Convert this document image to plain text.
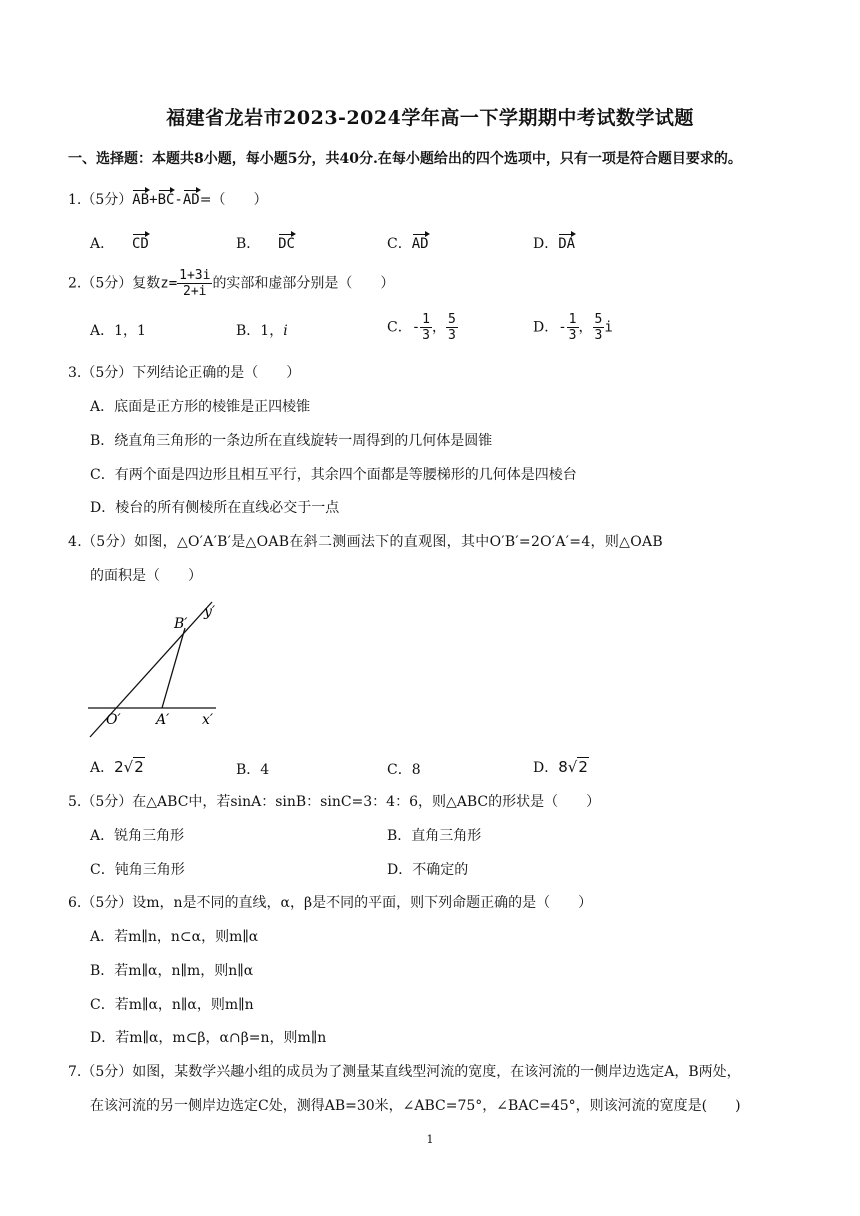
福建省龙岩市2023-2024学年高一下学期期中考试数学试题
一、选择题：本题共8小题，每小题5分，共40分.在每小题给出的四个选项中，只有一项是符合题目要求的。
1.（5分）AB+BC-AD=（　　）
A． CD	B． DC	C．AD	D．DA
2.（5分）复数$z= \frac{1+3i}{2+i}$ 的实部和虚部分别是（　　）
A．1，1	B．1，i	C．- $\frac{1}{3}$ ， $\frac{5}{3}$	D．- $\frac{1}{3}$ ， $\frac{5}{3}$ i
3.（5分）下列结论正确的是（　　）
A．底面是正方形的棱锥是正四棱锥
B．绕直角三角形的一条边所在直线旋转一周得到的几何体是圆锥
C．有两个面是四边形且相互平行，其余四个面都是等腰梯形的几何体是四棱台
D．棱台的所有侧棱所在直线必交于一点
4.（5分）如图，△O′A′B′是△OAB在斜二测画法下的直观图，其中O′B′=2O′A′=4，则△OAB
的面积是（　　）
B′
y′
O′	A′ x′
A．2√2	B．4	C．8	D．8√2
5.（5分）在△ABC中，若sinA：sinB：sinC=3：4：6，则△ABC的形状是（　　）
A．锐角三角形	B．直角三角形
C．钝角三角形	D．不确定的
6.（5分）设m，n是不同的直线，α，β是不同的平面，则下列命题正确的是（　　）
A．若m∥n，n⊂α，则m∥α
B．若m∥α，n∥m，则n∥α
C．若m∥α，n∥α，则m∥n
D．若m∥α，m⊂β，α∩β=n，则m∥n
7.（5分）如图，某数学兴趣小组的成员为了测量某直线型河流的宽度，在该河流的一侧岸边选定A，B两处，
在该河流的另一侧岸边选定C处，测得AB=30米，∠ABC=75°，∠BAC=45°，则该河流的宽度是(　　)
1
